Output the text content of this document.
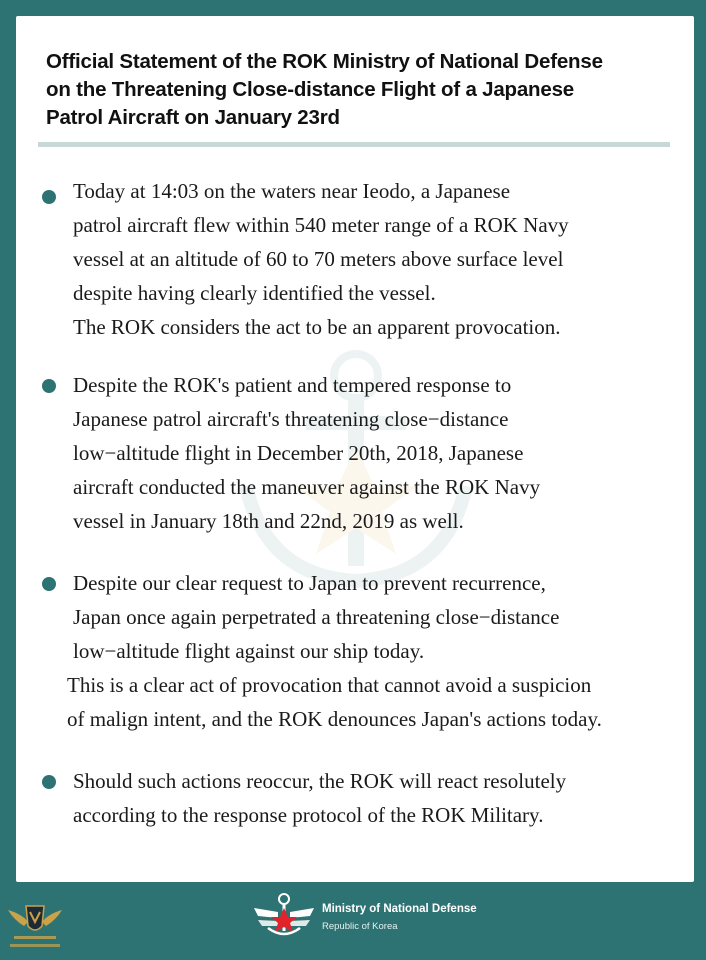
Official Statement of the ROK Ministry of National Defense
on the Threatening Close-distance Flight of a Japanese
Patrol Aircraft on January 23rd
Today at 14:03 on the waters near Ieodo, a Japanese
patrol aircraft flew within 540 meter range of a ROK Navy
vessel at an altitude of 60 to 70 meters above surface level
despite having clearly identified the vessel.
The ROK considers the act to be an apparent provocation.
Despite the ROK's patient and tempered response to
Japanese patrol aircraft's threatening close−distance
low−altitude flight in December 20th, 2018, Japanese
aircraft conducted the maneuver against the ROK Navy
vessel in January 18th and 22nd, 2019 as well.
Despite our clear request to Japan to prevent recurrence,
Japan once again perpetrated a threatening close−distance
low−altitude flight against our ship today.
This is a clear act of provocation that cannot avoid a suspicion
of malign intent, and the ROK denounces Japan's actions today.
Should such actions reoccur, the ROK will react resolutely
according to the response protocol of the ROK Military.
Ministry of National Defense
Republic of Korea
